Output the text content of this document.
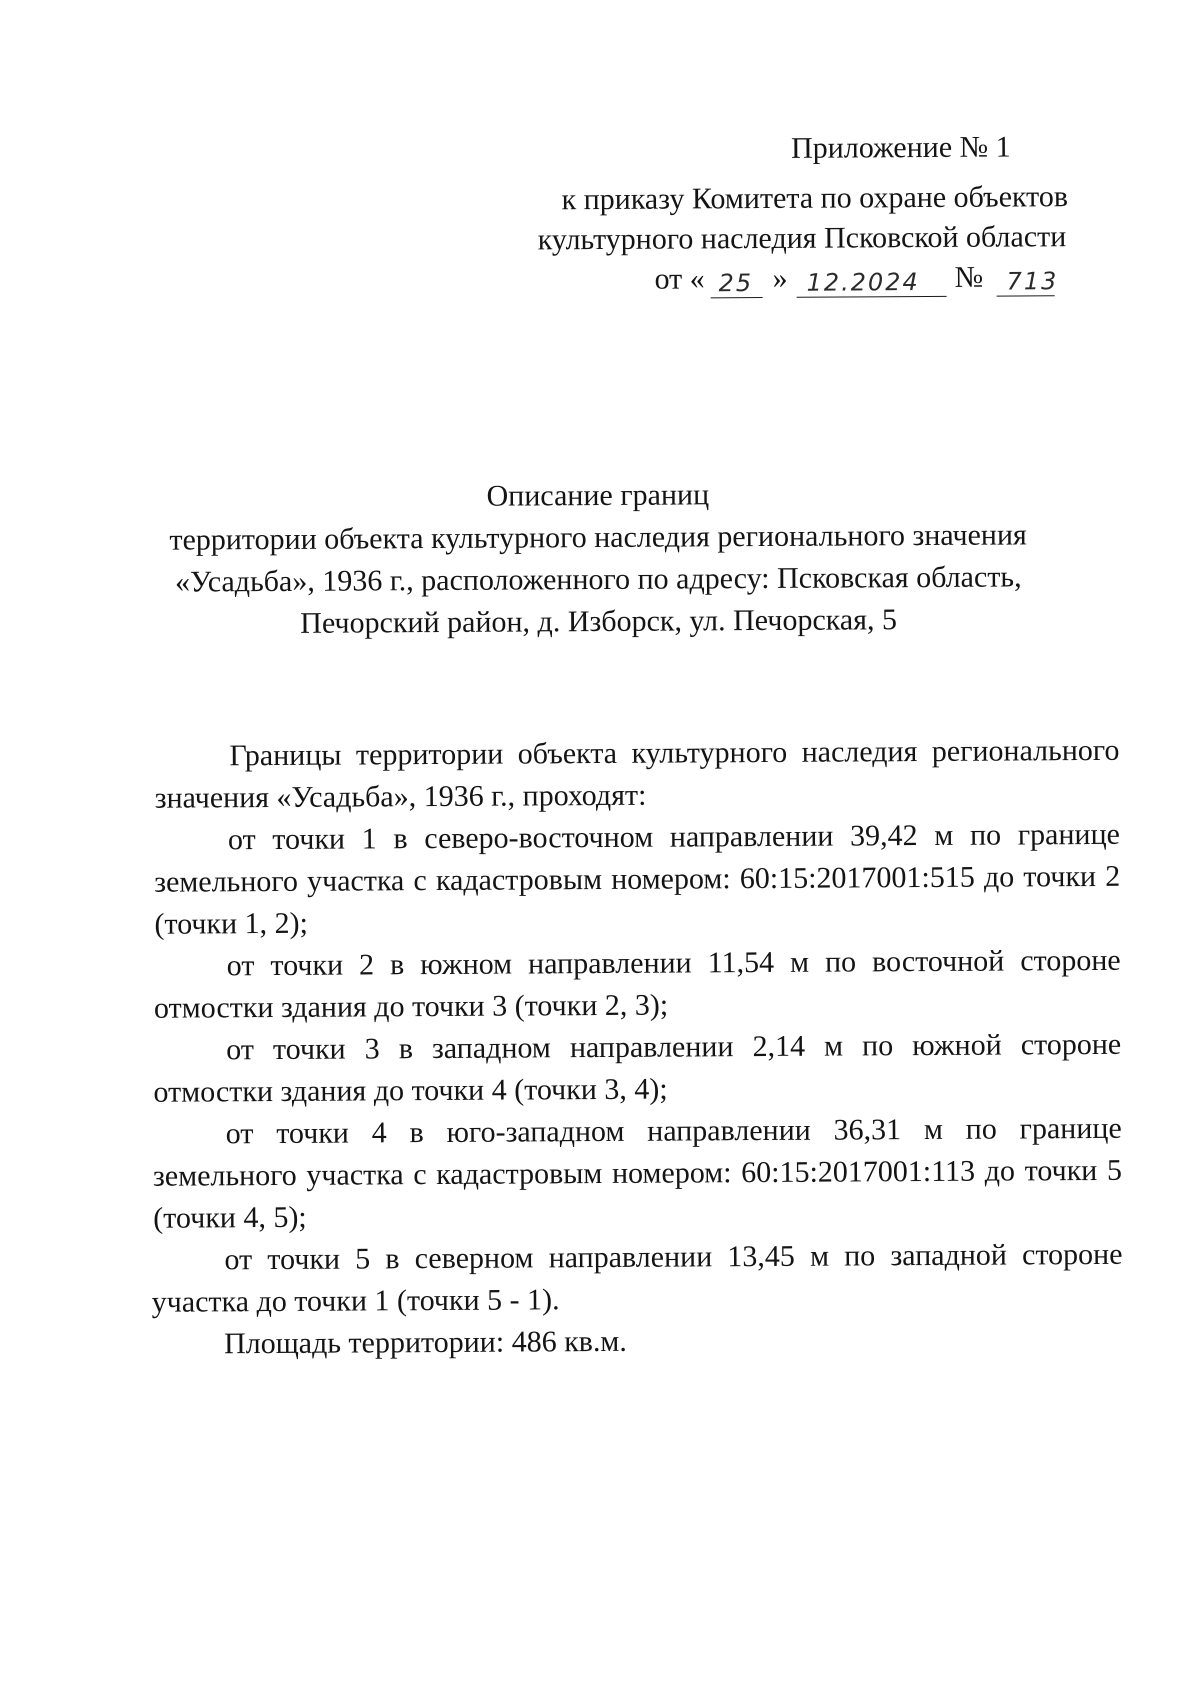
Приложение № 1
к приказу Комитета по охране объектов
культурного наследия Псковской области
от « 25 » 12.2024 № 713
Описание границ
территории объекта культурного наследия регионального значения
«Усадьба», 1936 г., расположенного по адресу: Псковская область,
Печорский район, д. Изборск, ул. Печорская, 5
Границы территории объекта культурного наследия регионального
значения «Усадьба», 1936 г., проходят:
от точки 1 в северо-восточном направлении 39,42 м по границе
земельного участка с кадастровым номером: 60:15:2017001:515 до точки 2
(точки 1, 2);
от точки 2 в южном направлении 11,54 м по восточной стороне
отмостки здания до точки 3 (точки 2, 3);
от точки 3 в западном направлении 2,14 м по южной стороне
отмостки здания до точки 4 (точки 3, 4);
от точки 4 в юго-западном направлении 36,31 м по границе
земельного участка с кадастровым номером: 60:15:2017001:113 до точки 5
(точки 4, 5);
от точки 5 в северном направлении 13,45 м по западной стороне
участка до точки 1 (точки 5 - 1).
Площадь территории: 486 кв.м.
